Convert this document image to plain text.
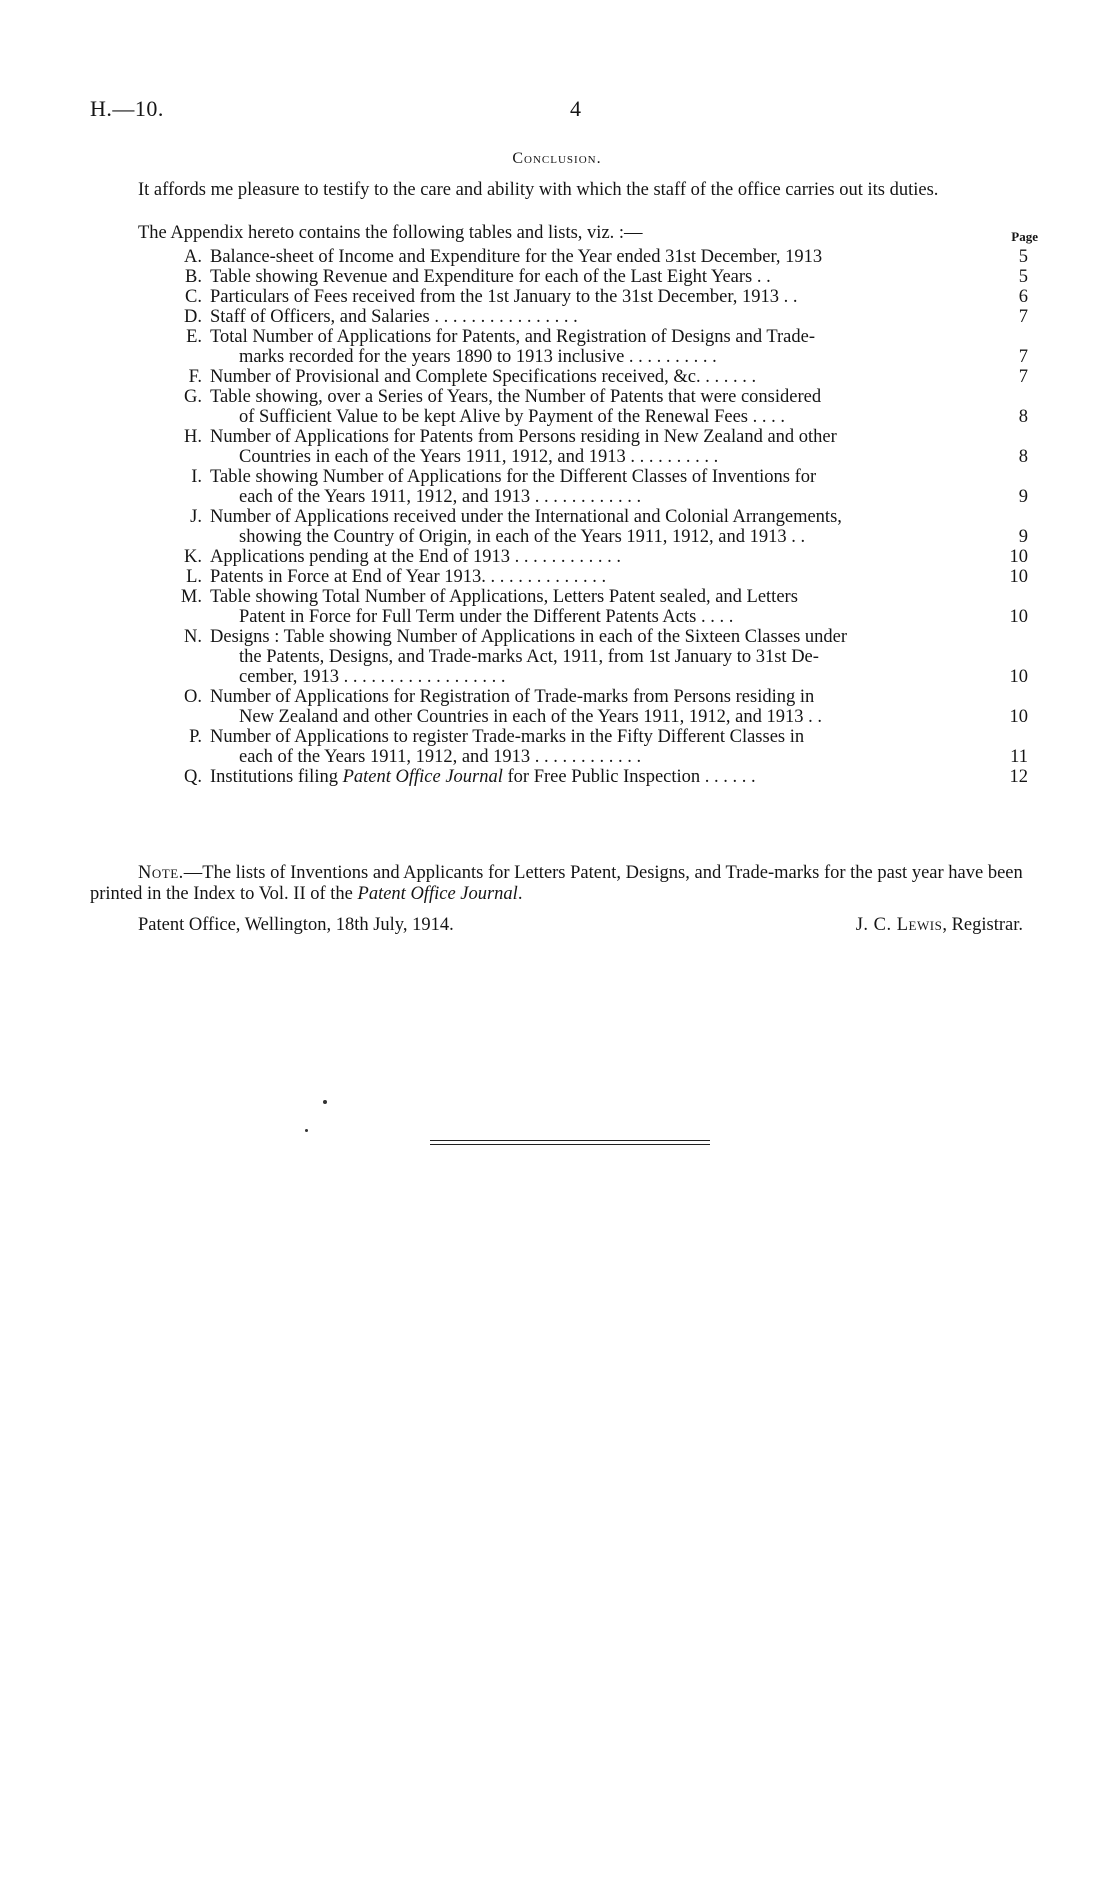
H.—10.	4
Conclusion.

It affords me pleasure to testify to the care and ability with which the staff of the office carries out its duties.

The Appendix hereto contains the following tables and lists, viz. :—	Page
A. Balance-sheet of Income and Expenditure for the Year ended 31st December, 1913	5
B. Table showing Revenue and Expenditure for each of the Last Eight Years . .	5
C. Particulars of Fees received from the 1st January to the 31st December, 1913 . .	6
D. Staff of Officers, and Salaries . . . . . . . . . . . . . . . .	7
E. Total Number of Applications for Patents, and Registration of Designs and Trade-
marks recorded for the years 1890 to 1913 inclusive . . . . . . . . . .	7
F. Number of Provisional and Complete Specifications received, &c. . . . . . .	7
G. Table showing, over a Series of Years, the Number of Patents that were considered
of Sufficient Value to be kept Alive by Payment of the Renewal Fees . . . .	8
H. Number of Applications for Patents from Persons residing in New Zealand and other
Countries in each of the Years 1911, 1912, and 1913 . . . . . . . . . .	8
I. Table showing Number of Applications for the Different Classes of Inventions for
each of the Years 1911, 1912, and 1913 . . . . . . . . . . . .	9
J. Number of Applications received under the International and Colonial Arrangements,
showing the Country of Origin, in each of the Years 1911, 1912, and 1913 . .	9
K. Applications pending at the End of 1913 . . . . . . . . . . . .	10
L. Patents in Force at End of Year 1913. . . . . . . . . . . . . .	10
M. Table showing Total Number of Applications, Letters Patent sealed, and Letters
Patent in Force for Full Term under the Different Patents Acts . . . .	10
N. Designs : Table showing Number of Applications in each of the Sixteen Classes under
the Patents, Designs, and Trade-marks Act, 1911, from 1st January to 31st De-
cember, 1913 . . . . . . . . . . . . . . . . . .	10
O. Number of Applications for Registration of Trade-marks from Persons residing in
New Zealand and other Countries in each of the Years 1911, 1912, and 1913 . .	10
P. Number of Applications to register Trade-marks in the Fifty Different Classes in
each of the Years 1911, 1912, and 1913 . . . . . . . . . . . .	11
Q. Institutions filing Patent Office Journal for Free Public Inspection . . . . . .	12

Note.—The lists of Inventions and Applicants for Letters Patent, Designs, and Trade-marks for the past year have been printed in the Index to Vol. II of the Patent Office Journal.

Patent Office, Wellington, 18th July, 1914.	J. C. Lewis, Registrar.
